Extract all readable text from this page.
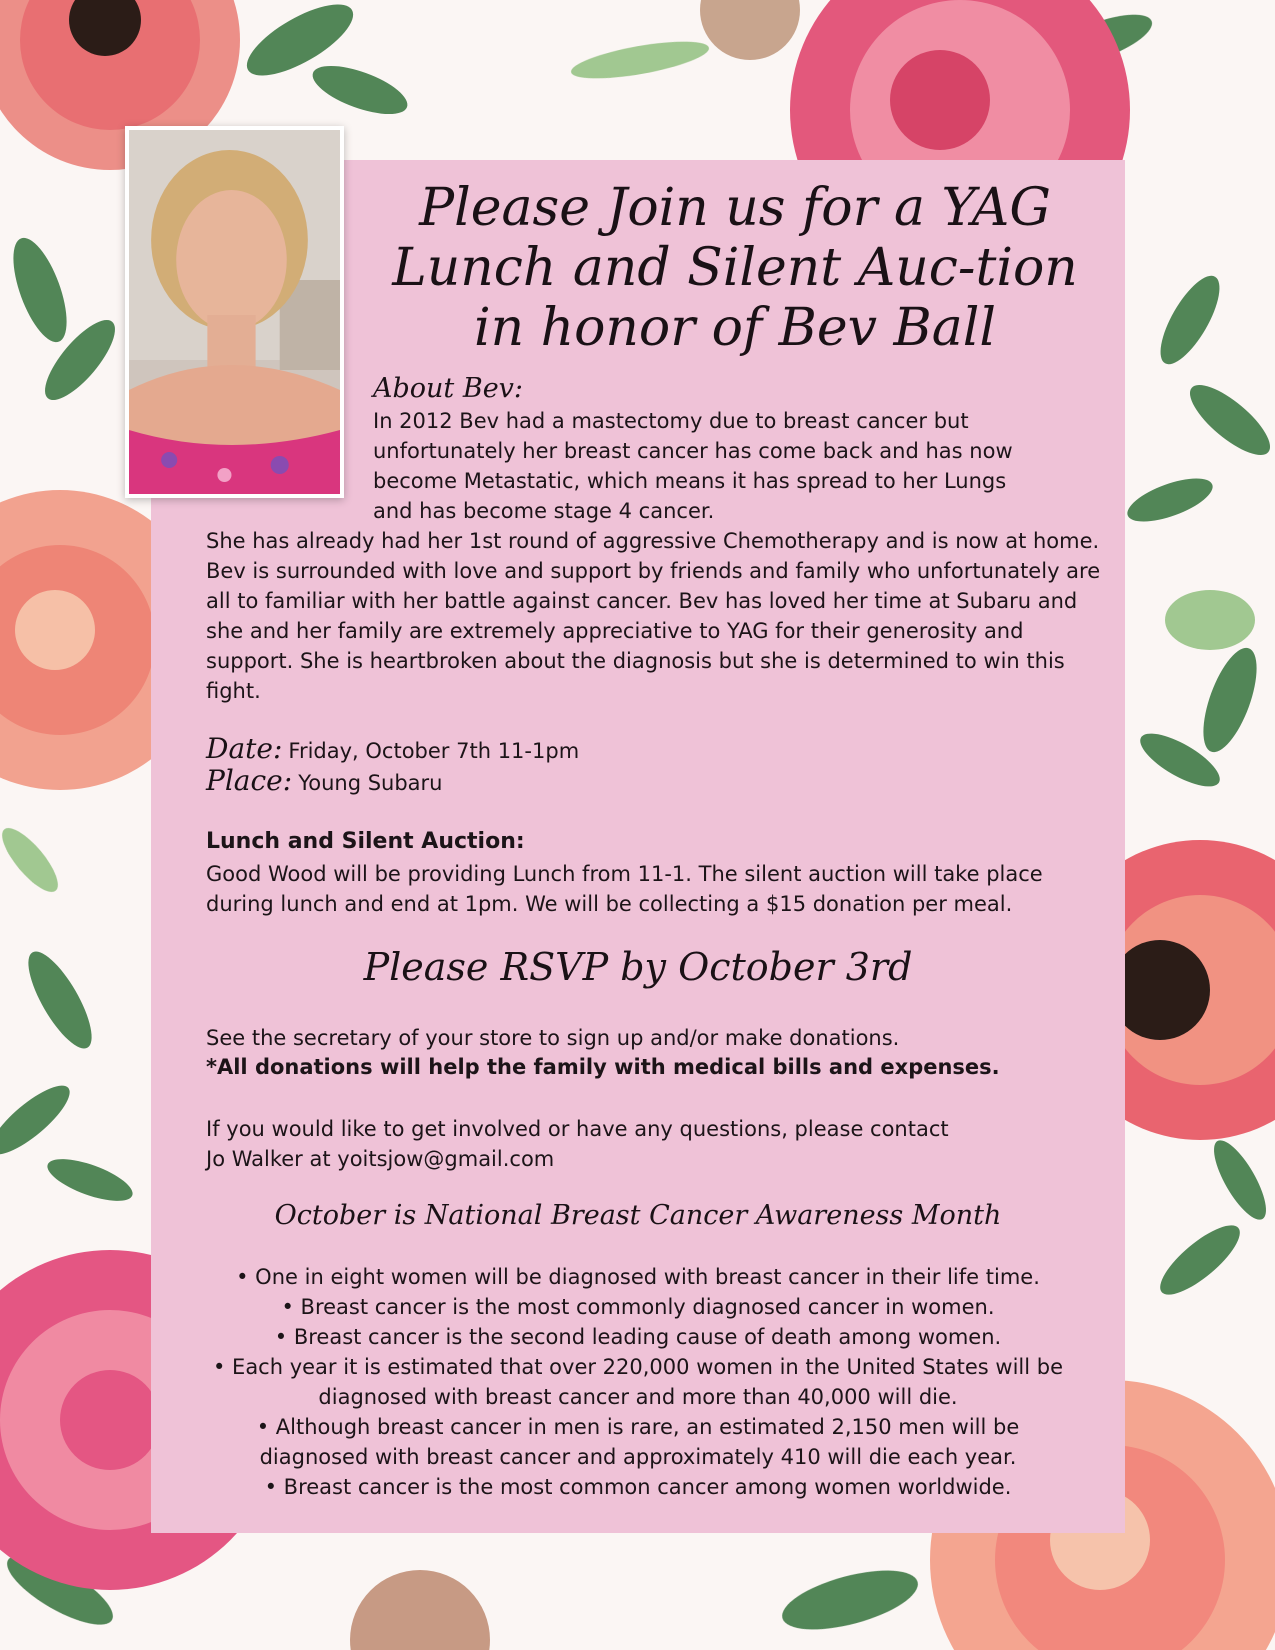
Please Join us for a YAG Lunch and Silent Auc-tion in honor of Bev Ball
About Bev:

In 2012 Bev had a mastectomy due to breast cancer but
unfortunately her breast cancer has come back and has now
become Metastatic, which means it has spread to her Lungs
and has become stage 4 cancer.

She has already had her 1st round of aggressive Chemotherapy and is now at home. Bev is surrounded with love and support by friends and family who unfortunately are all to familiar with her battle against cancer. Bev has loved her time at Subaru and she and her family are extremely appreciative to YAG for their generosity and support. She is heartbroken about the diagnosis but she is determined to win this fight.

Date: Friday, October 7th 11-1pm
Place: Young Subaru
Lunch and Silent Auction:

Good Wood will be providing Lunch from 11-1. The silent auction will take place during lunch and end at 1pm. We will be collecting a $15 donation per meal.

Please RSVP by October 3rd

See the secretary of your store to sign up and/or make donations.

*All donations will help the family with medical bills and expenses.
If you would like to get involved or have any questions, please contact
Jo Walker at yoitsjow@gmail.com
October is National Breast Cancer Awareness Month
• One in eight women will be diagnosed with breast cancer in their life time.
• Breast cancer is the most commonly diagnosed cancer in women.
• Breast cancer is the second leading cause of death among women.
• Each year it is estimated that over 220,000 women in the United States will be diagnosed with breast cancer and more than 40,000 will die.
• Although breast cancer in men is rare, an estimated 2,150 men will be diagnosed with breast cancer and approximately 410 will die each year.
• Breast cancer is the most common cancer among women worldwide.
